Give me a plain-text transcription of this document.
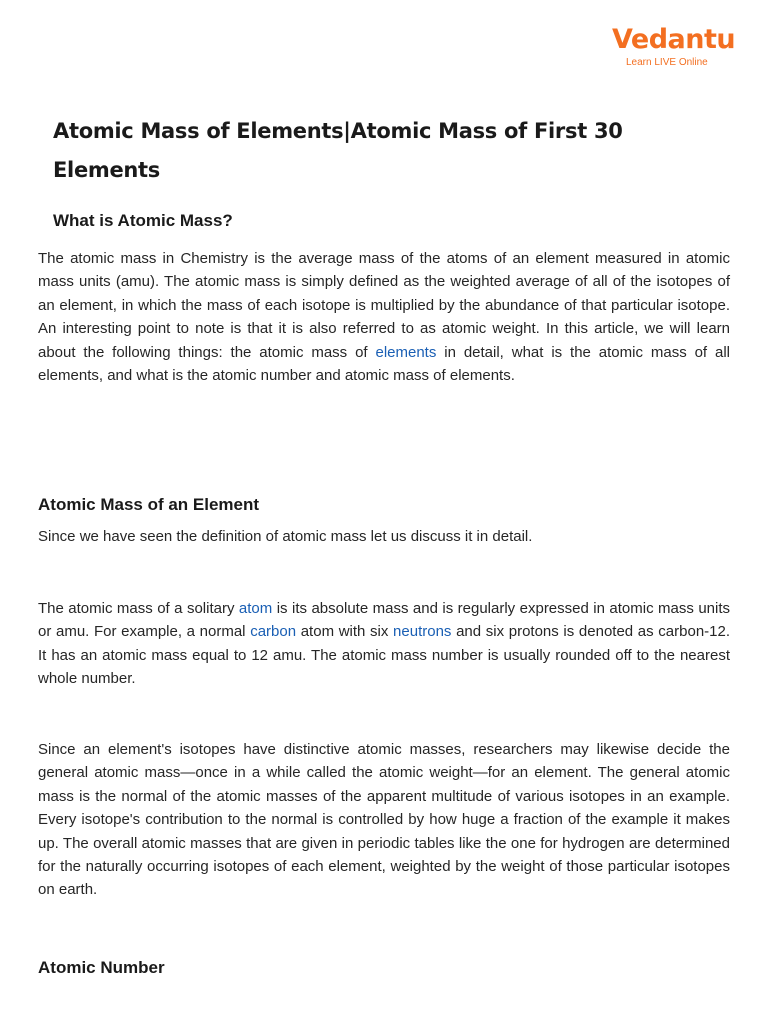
Vedantu
Learn LIVE Online
Atomic Mass of Elements|Atomic Mass of First 30 Elements
What is Atomic Mass?

The atomic mass in Chemistry is the average mass of the atoms of an element measured in atomic mass units (amu). The atomic mass is simply defined as the weighted average of all of the isotopes of an element, in which the mass of each isotope is multiplied by the abundance of that particular isotope. An interesting point to note is that it is also referred to as atomic weight. In this article, we will learn about the following things: the atomic mass of elements in detail, what is the atomic mass of all elements, and what is the atomic number and atomic mass of elements.

Atomic Mass of an Element

Since we have seen the definition of atomic mass let us discuss it in detail.

The atomic mass of a solitary atom is its absolute mass and is regularly expressed in atomic mass units or amu. For example, a normal carbon atom with six neutrons and six protons is denoted as carbon-12. It has an atomic mass equal to 12 amu. The atomic mass number is usually rounded off to the nearest whole number.

Since an element's isotopes have distinctive atomic masses, researchers may likewise decide the general atomic mass—once in a while called the atomic weight—for an element. The general atomic mass is the normal of the atomic masses of the apparent multitude of various isotopes in an example. Every isotope's contribution to the normal is controlled by how huge a fraction of the example it makes up. The overall atomic masses that are given in periodic tables like the one for hydrogen are determined for the naturally occurring isotopes of each element, weighted by the weight of those particular isotopes on earth.

Atomic Number
